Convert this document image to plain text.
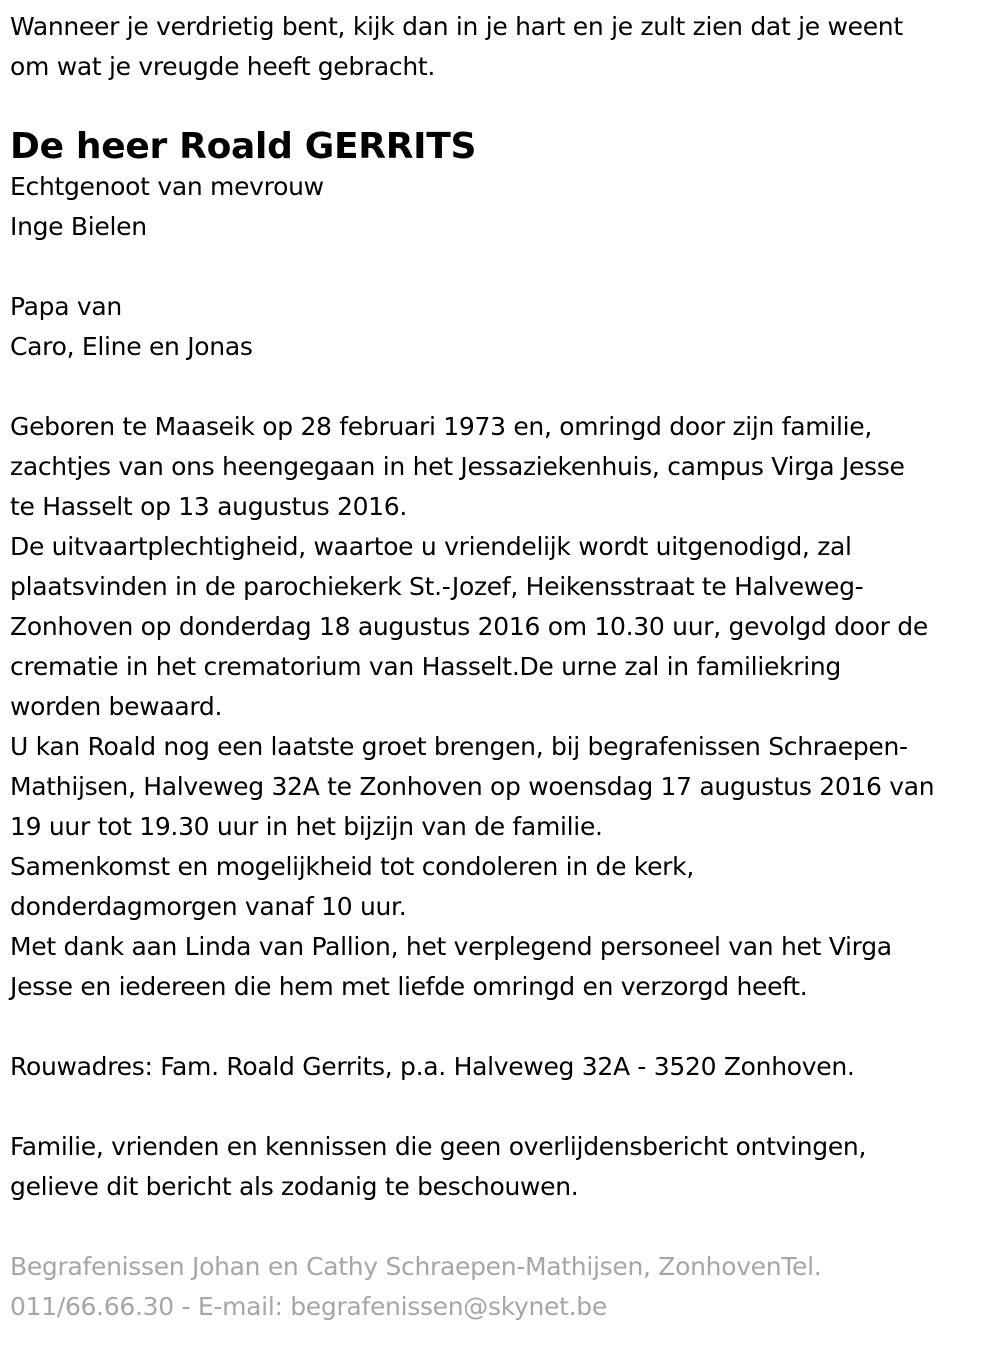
Wanneer je verdrietig bent, kijk dan in je hart en je zult zien dat je weent
om wat je vreugde heeft gebracht.
De heer Roald GERRITS
Echtgenoot van mevrouw
Inge Bielen
Papa van
Caro, Eline en Jonas
Geboren te Maaseik op 28 februari 1973 en, omringd door zijn familie,
zachtjes van ons heengegaan in het Jessaziekenhuis, campus Virga Jesse
te Hasselt op 13 augustus 2016.
De uitvaartplechtigheid, waartoe u vriendelijk wordt uitgenodigd, zal
plaatsvinden in de parochiekerk St.-Jozef, Heikensstraat te Halveweg-
Zonhoven op donderdag 18 augustus 2016 om 10.30 uur, gevolgd door de
crematie in het crematorium van Hasselt.De urne zal in familiekring
worden bewaard.
U kan Roald nog een laatste groet brengen, bij begrafenissen Schraepen-
Mathijsen, Halveweg 32A te Zonhoven op woensdag 17 augustus 2016 van
19 uur tot 19.30 uur in het bijzijn van de familie.
Samenkomst en mogelijkheid tot condoleren in de kerk,
donderdagmorgen vanaf 10 uur.
Met dank aan Linda van Pallion, het verplegend personeel van het Virga
Jesse en iedereen die hem met liefde omringd en verzorgd heeft.
Rouwadres: Fam. Roald Gerrits, p.a. Halveweg 32A - 3520 Zonhoven.
Familie, vrienden en kennissen die geen overlijdensbericht ontvingen,
gelieve dit bericht als zodanig te beschouwen.
Begrafenissen Johan en Cathy Schraepen-Mathijsen, ZonhovenTel.
011/66.66.30 - E-mail: begrafenissen@skynet.be
